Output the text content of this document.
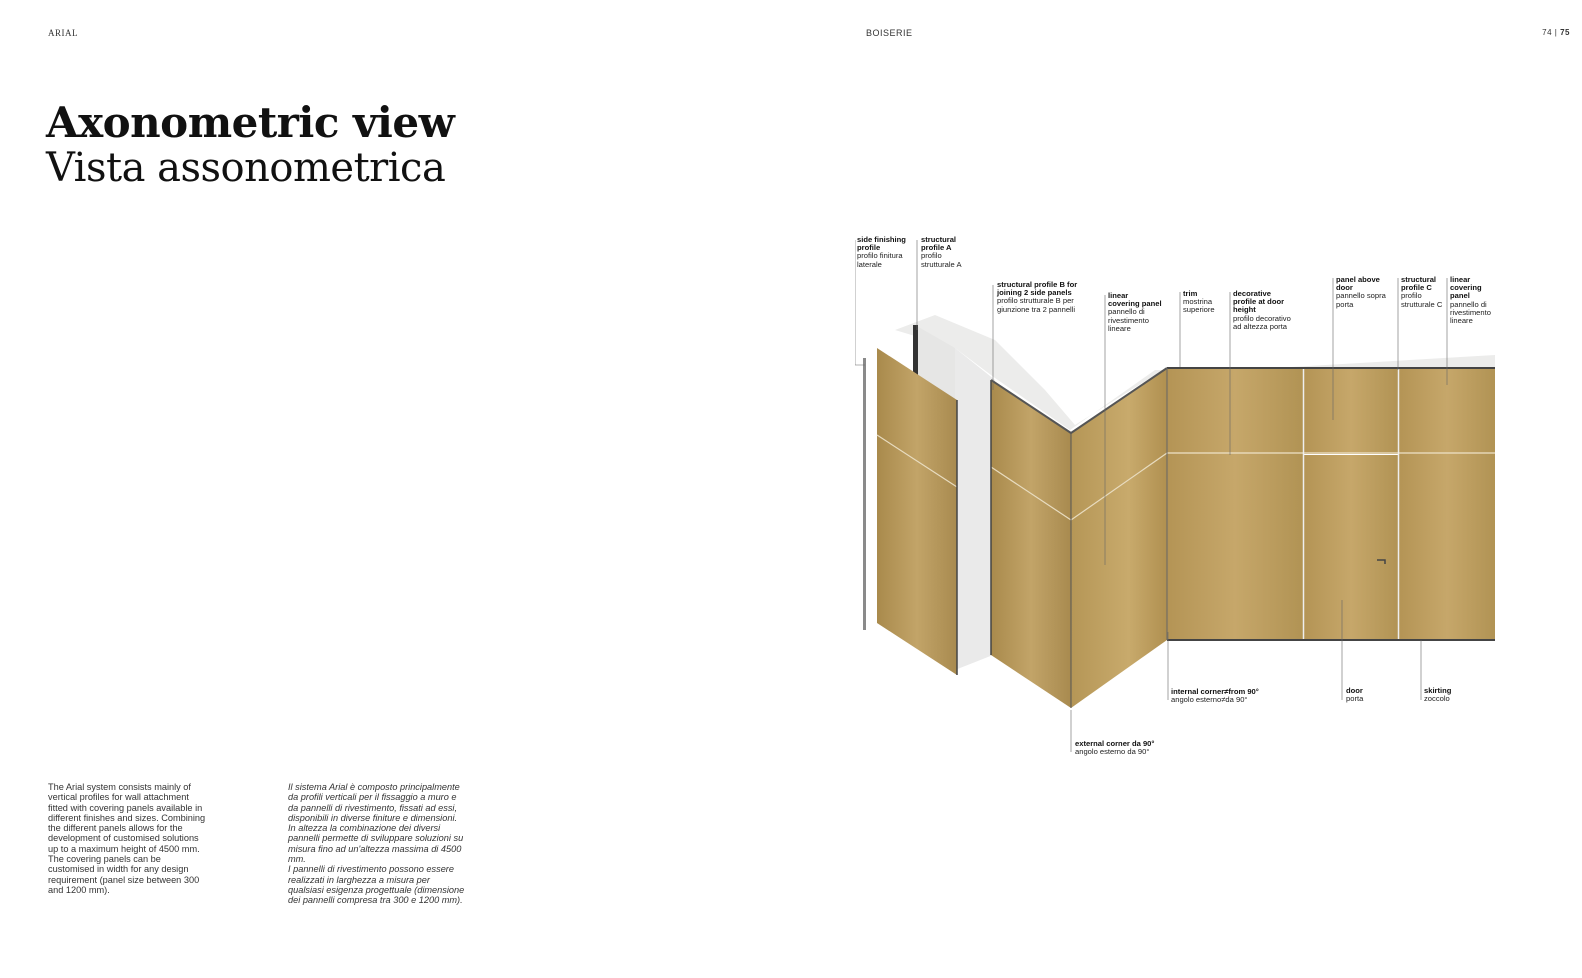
ARIAL	BOISERIE	74 | 75
Axonometric view
Vista assonometrica

The Arial system consists mainly of vertical profiles for wall attachment fitted with covering panels available in different finishes and sizes. Combining the different panels allows for the development of customised solutions up to a maximum height of 4500 mm. The covering panels can be customised in width for any design requirement (panel size between 300 and 1200 mm).

Il sistema Arial è composto principalmente da profili verticali per il fissaggio a muro e da pannelli di rivestimento, fissati ad essi, disponibili in diverse finiture e dimensioni.

In altezza la combinazione dei diversi pannelli permette di sviluppare soluzioni su misura fino ad un'altezza massima di 4500 mm.

I pannelli di rivestimento possono essere realizzati in larghezza a misura per qualsiasi esigenza progettuale (dimensione dei pannelli compresa tra 300 e 1200 mm).

side finishing profile
profilo finitura laterale
structural profile A
profilo strutturale A
structural profile B for joining 2 side panels
profilo strutturale B per giunzione tra 2 pannelli
linear covering panel
pannello di rivestimento lineare
trim
mostrina superiore
decorative profile at door height
profilo decorativo ad altezza porta
panel above door
pannello sopra porta
structural profile C
profilo strutturale C
linear covering panel
pannello di rivestimento lineare
internal corner≠from 90°
angolo esterno≠da 90°
door
porta
skirting
zoccolo
external corner da 90°
angolo esterno da 90°
